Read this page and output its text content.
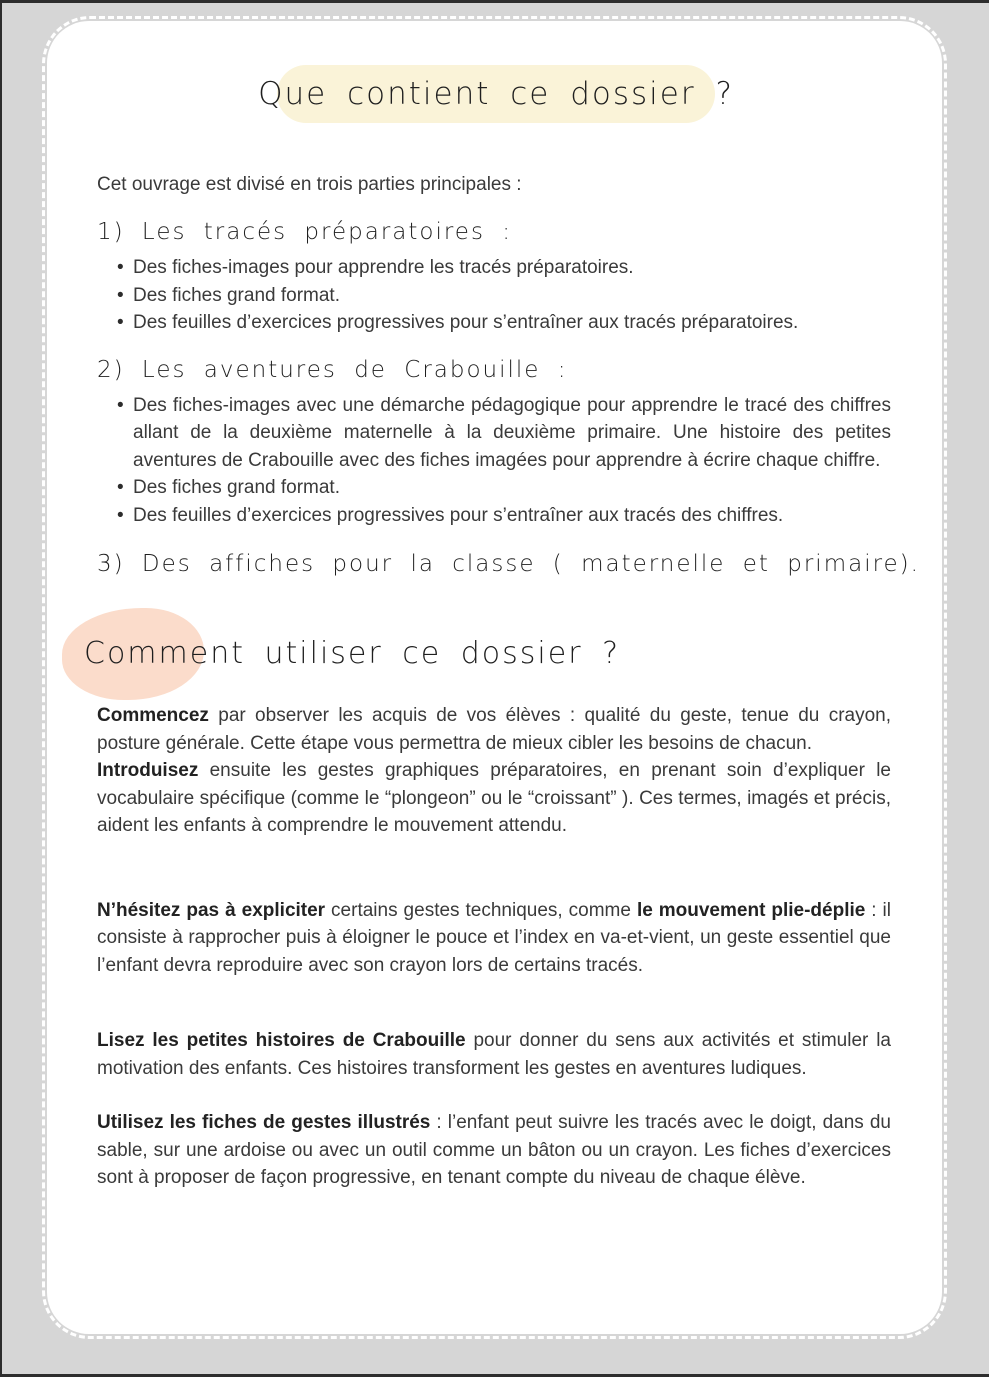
Que contient ce dossier ?

Cet ouvrage est divisé en trois parties principales :

1) Les tracés préparatoires :
• Des fiches-images pour apprendre les tracés préparatoires.
• Des fiches grand format.
• Des feuilles d’exercices progressives pour s’entraîner aux tracés préparatoires.
2) Les aventures de Crabouille :
• Des fiches-images avec une démarche pédagogique pour apprendre le tracé des chiffres allant de la deuxième maternelle à la deuxième primaire. Une histoire des petites aventures de Crabouille avec des fiches imagées pour apprendre à écrire chaque chiffre.
• Des fiches grand format.
• Des feuilles d’exercices progressives pour s’entraîner aux tracés des chiffres.
3) Des affiches pour la classe ( maternelle et primaire).
Comment utiliser ce dossier ?

Commencez par observer les acquis de vos élèves : qualité du geste, tenue du crayon, posture générale. Cette étape vous permettra de mieux cibler les besoins de chacun.

Introduisez ensuite les gestes graphiques préparatoires, en prenant soin d’expliquer le vocabulaire spécifique (comme le “plongeon” ou le “croissant” ). Ces termes, imagés et précis, aident les enfants à comprendre le mouvement attendu.

N’hésitez pas à expliciter certains gestes techniques, comme le mouvement plie-déplie : il consiste à rapprocher puis à éloigner le pouce et l’index en va-et-vient, un geste essentiel que l’enfant devra reproduire avec son crayon lors de certains tracés.

Lisez les petites histoires de Crabouille pour donner du sens aux activités et stimuler la motivation des enfants. Ces histoires transforment les gestes en aventures ludiques.

Utilisez les fiches de gestes illustrés : l’enfant peut suivre les tracés avec le doigt, dans du sable, sur une ardoise ou avec un outil comme un bâton ou un crayon. Les fiches d’exercices sont à proposer de façon progressive, en tenant compte du niveau de chaque élève.
